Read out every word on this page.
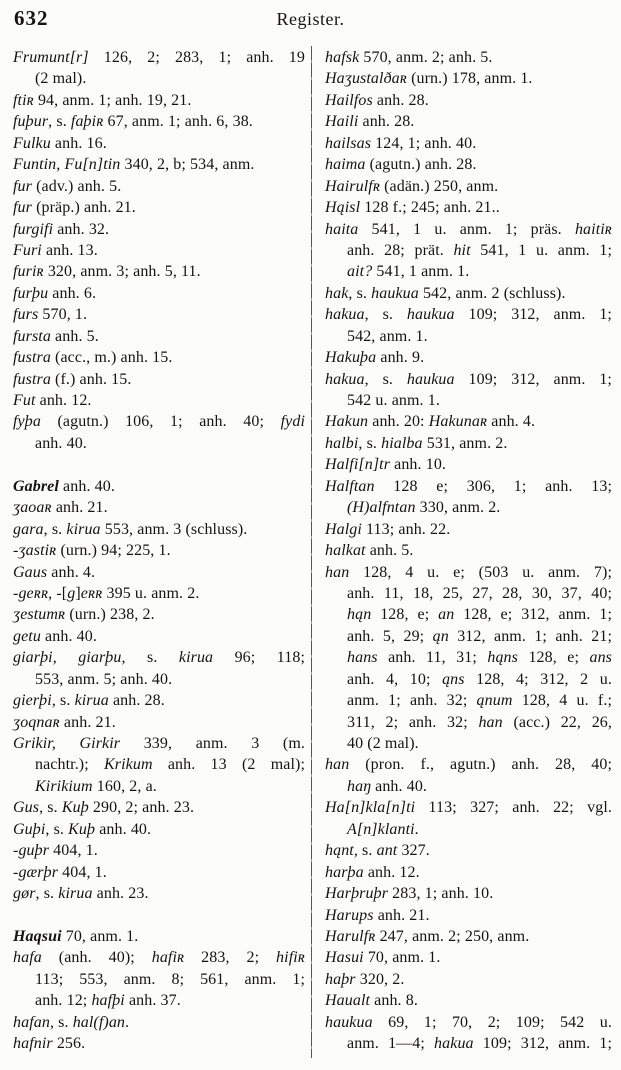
632	Register.
Frumunt[r] 126, 2; 283, 1; anh. 19
(2 mal).
ftiʀ 94, anm. 1; anh. 19, 21.
fuþur, s. faþiʀ 67, anm. 1; anh. 6, 38.
Fulku anh. 16.
Funtin, Fu[n]tin 340, 2, b; 534, anm.
fur (adv.) anh. 5.
fur (präp.) anh. 21.
furgifi anh. 32.
Furi anh. 13.
furiʀ 320, anm. 3; anh. 5, 11.
furþu anh. 6.
furs 570, 1.
fursta anh. 5.
fustra (acc., m.) anh. 15.
fustra (f.) anh. 15.
Fut anh. 12.
fyþa (agutn.) 106, 1; anh. 40; fydi
anh. 40.
Gabrel anh. 40.
ʒaoaʀ anh. 21.
gara, s. kirua 553, anm. 3 (schluss).
-ʒastiʀ (urn.) 94; 225, 1.
Gaus anh. 4.
-geʀʀ, -[g]eʀʀ 395 u. anm. 2.
ʒestumʀ (urn.) 238, 2.
getu anh. 40.
giarþi, giarþu, s. kirua 96; 118;
553, anm. 5; anh. 40.
gierþi, s. kirua anh. 28.
ʒoqnaʀ anh. 21.
Grikir, Girkir 339, anm. 3 (m.
nachtr.); Krikum anh. 13 (2 mal);
Kirikium 160, 2, a.
Gus, s. Kuþ 290, 2; anh. 23.
Guþi, s. Kuþ anh. 40.
-guþr 404, 1.
-gærþr 404, 1.
gør, s. kirua anh. 23.
Haqsui 70, anm. 1.
hafa (anh. 40); hafiʀ 283, 2; hifiʀ
113; 553, anm. 8; 561, anm. 1;
anh. 12; hafþi anh. 37.
hafan, s. hal(f)an.
hafnir 256.
hafsk 570, anm. 2; anh. 5.
Haʒustalðaʀ (urn.) 178, anm. 1.
Hailfos anh. 28.
Haili anh. 28.
hailsas 124, 1; anh. 40.
haima (agutn.) anh. 28.
Hairulfʀ (adän.) 250, anm.
Hąisl 128 f.; 245; anh. 21..
haita 541, 1 u. anm. 1; präs. haitiʀ
anh. 28; prät. hit 541, 1 u. anm. 1;
ait? 541, 1 anm. 1.
hak, s. haukua 542, anm. 2 (schluss).
hakua, s. haukua 109; 312, anm. 1;
542, anm. 1.
Hakuþa anh. 9.
hakua, s. haukua 109; 312, anm. 1;
542 u. anm. 1.
Hakun anh. 20: Hakunaʀ anh. 4.
halbi, s. hialba 531, anm. 2.
Halfi[n]tr anh. 10.
Halftan 128 e; 306, 1; anh. 13;
(H)alfntan 330, anm. 2.
Halgi 113; anh. 22.
halkat anh. 5.
han 128, 4 u. e; (503 u. anm. 7);
anh. 11, 18, 25, 27, 28, 30, 37, 40;
hąn 128, e; an 128, e; 312, anm. 1;
anh. 5, 29; ąn 312, anm. 1; anh. 21;
hans anh. 11, 31; hąns 128, e; ans
anh. 4, 10; ąns 128, 4; 312, 2 u.
anm. 1; anh. 32; ąnum 128, 4 u. f.;
311, 2; anh. 32; han (acc.) 22, 26,
40 (2 mal).
han (pron. f., agutn.) anh. 28, 40;
haŋ anh. 40.
Ha[n]kla[n]ti 113; 327; anh. 22; vgl.
A[n]klanti.
hąnt, s. ant 327.
harþa anh. 12.
Harþruþr 283, 1; anh. 10.
Harups anh. 21.
Harulfʀ 247, anm. 2; 250, anm.
Hasui 70, anm. 1.
haþr 320, 2.
Haualt anh. 8.
haukua 69, 1; 70, 2; 109; 542 u.
anm. 1—4; hakua 109; 312, anm. 1;
